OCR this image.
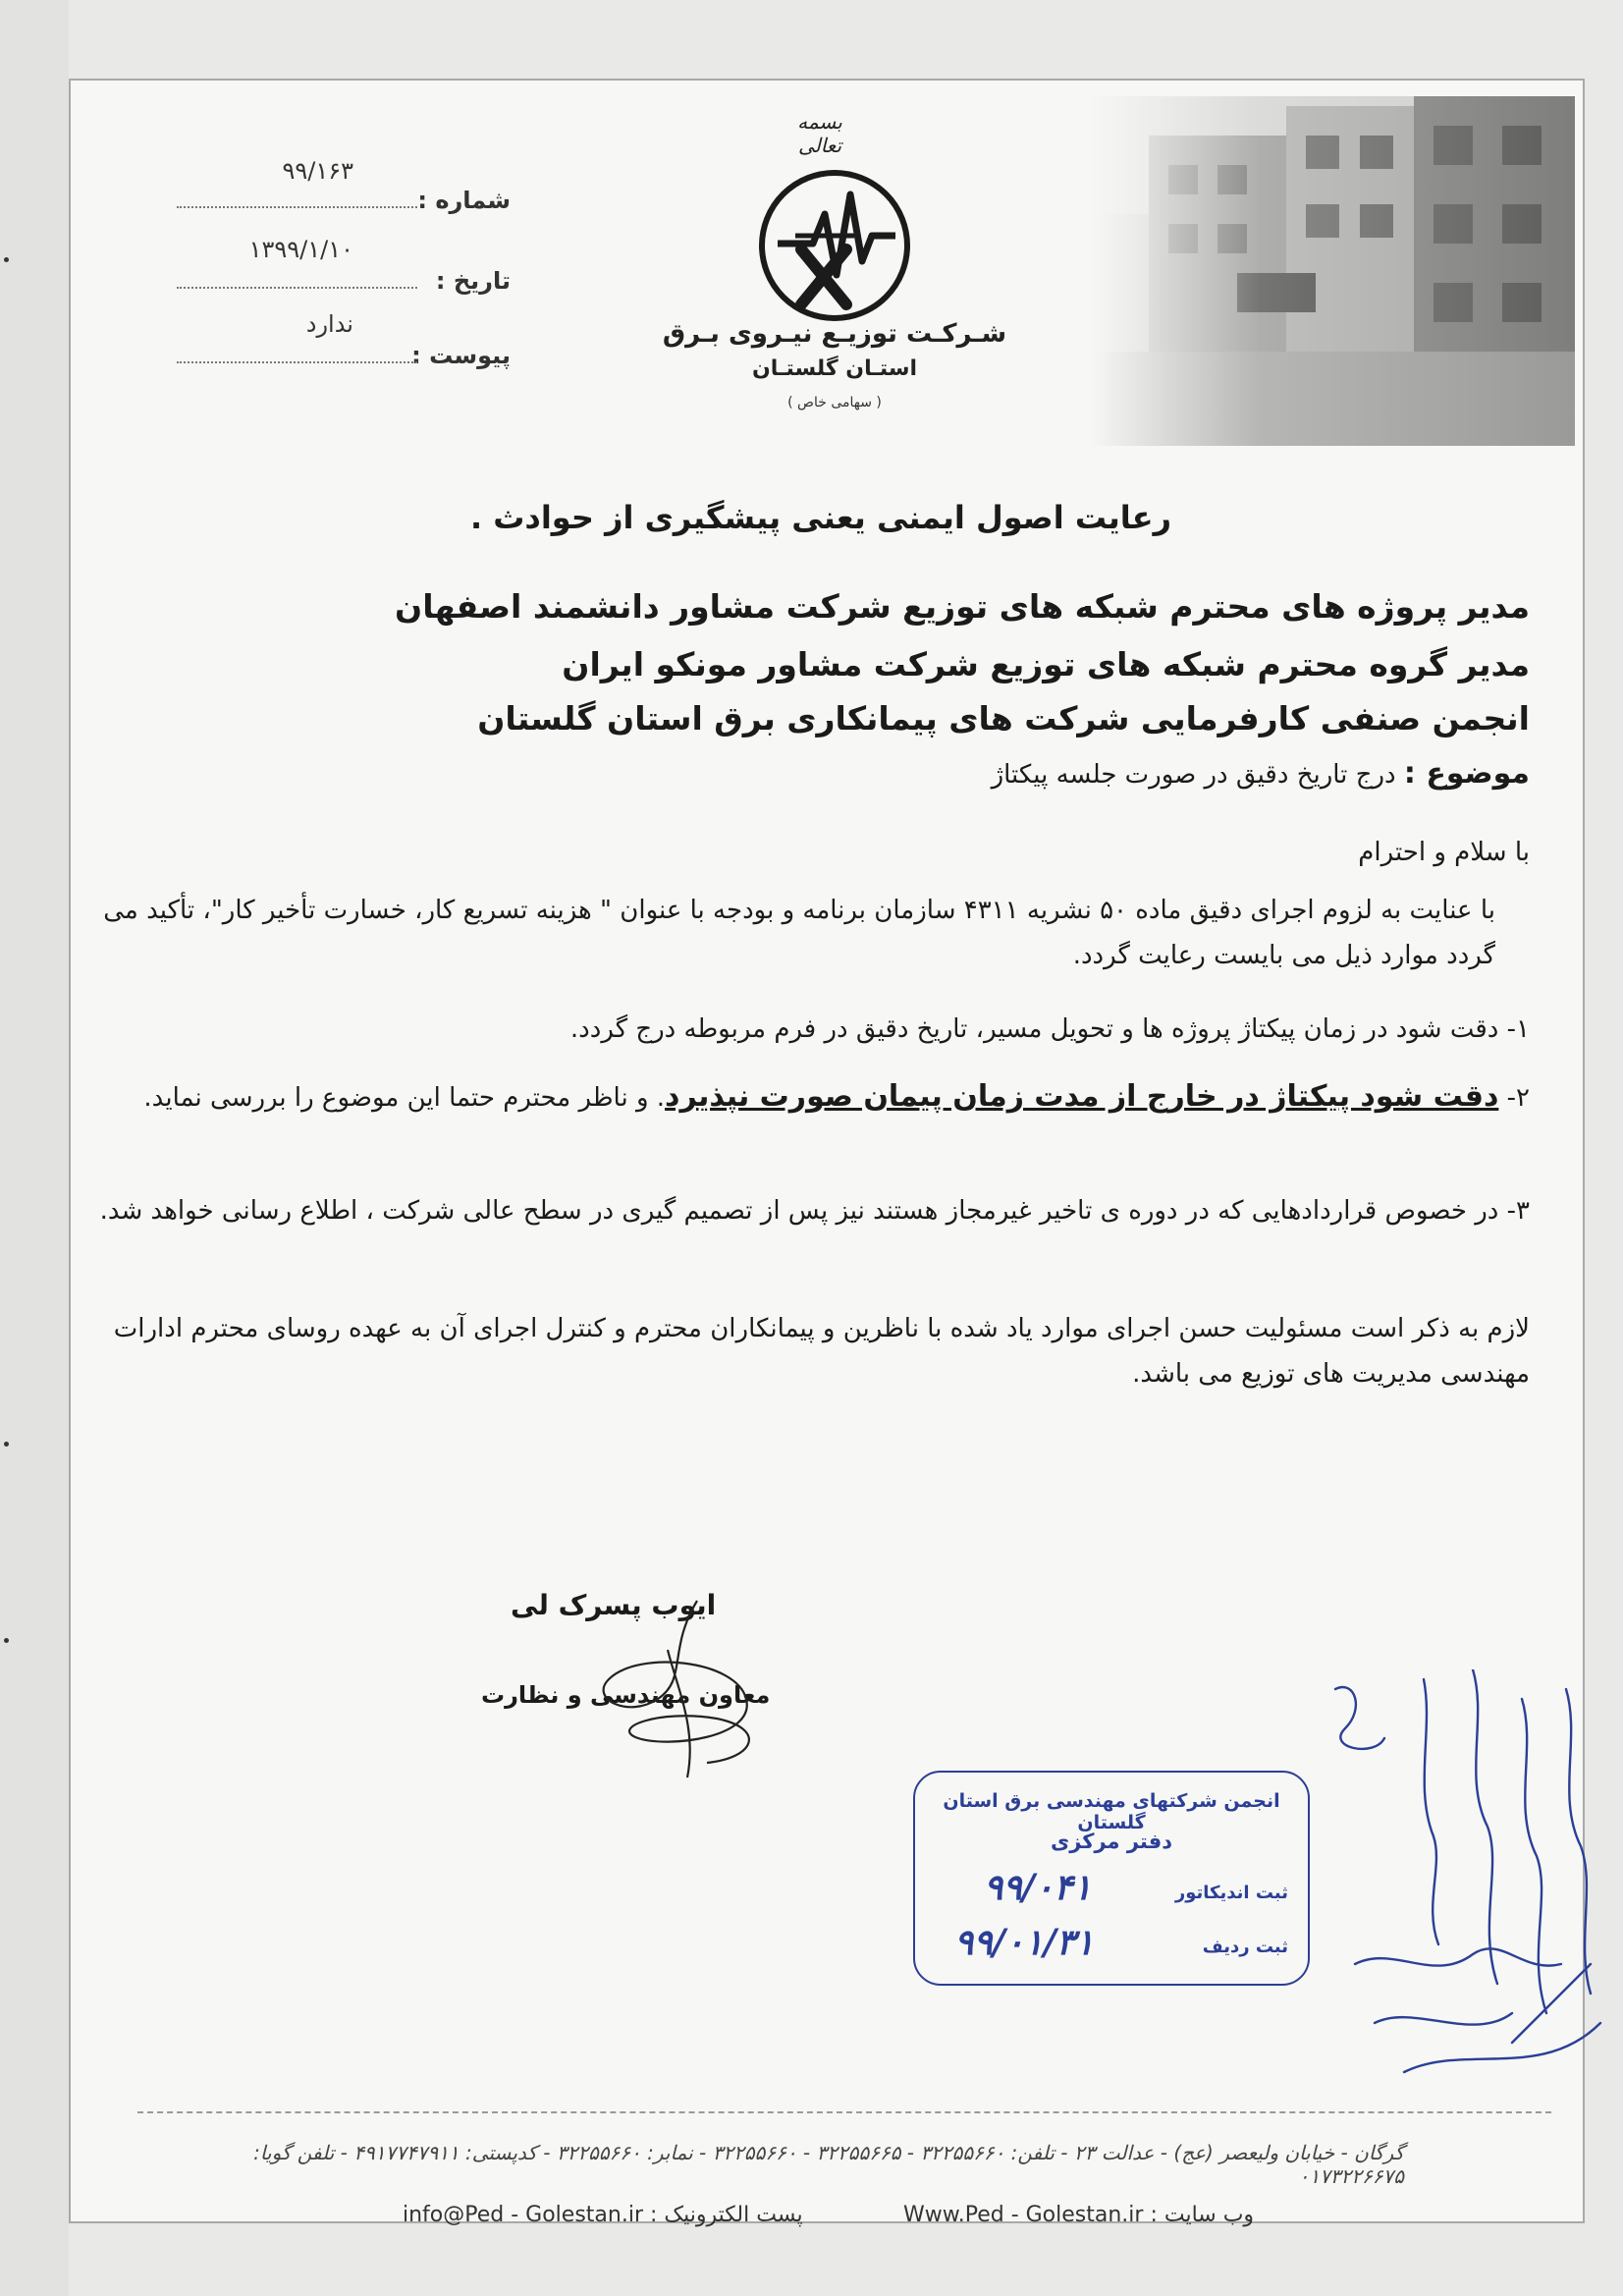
شماره :
۹۹/۱۶۳
تاریخ :
۱۳۹۹/۱/۱۰
پیوست :
ندارد
بسمه تعالی
شـرکـت توزیـع نیـروی بـرق
استـان گلستـان
( سهامی خاص )
رعایت اصول ایمنی یعنی پیشگیری از حوادث .
مدیر پروژه های محترم شبکه های توزیع شرکت مشاور دانشمند اصفهان
مدیر گروه محترم شبکه های توزیع شرکت مشاور مونکو ایران
انجمن صنفی کارفرمایی شرکت های پیمانکاری برق استان گلستان
موضوع : درج تاریخ دقیق در صورت جلسه پیکتاژ
با سلام و احترام
با عنایت به لزوم اجرای دقیق ماده ۵۰ نشریه ۴۳۱۱ سازمان برنامه و بودجه با عنوان " هزینه تسریع کار، خسارت تأخیر کار"، تأکید می گردد موارد ذیل می بایست رعایت گردد.
۱- دقت شود در زمان پیکتاژ پروژه ها و تحویل مسیر، تاریخ دقیق در فرم مربوطه درج گردد.
۲- دقت شود پیکتاژ در خارج از مدت زمان پیمان صورت نپذیرد. و ناظر محترم حتما این موضوع را بررسی نماید.
۳- در خصوص قراردادهایی که در دوره ی تاخیر غیرمجاز هستند نیز پس از تصمیم گیری در سطح عالی شرکت ، اطلاع رسانی خواهد شد.
لازم به ذکر است مسئولیت حسن اجرای موارد یاد شده با ناظرین و پیمانکاران محترم و کنترل اجرای آن به عهده روسای محترم ادارات مهندسی مدیریت های توزیع می باشد.
ایوب پسرک لی
معاون مهندسی و نظارت
انجمن شرکتهای مهندسی برق استان گلستان
دفتر مرکزی
ثبت اندیکاتور
۹۹/۰۴۱
ثبت ردیف
۹۹/۰۱/۳۱
گرگان - خیابان ولیعصر (عج) - عدالت ۲۳ - تلفن: ۳۲۲۵۵۶۶۰ - ۳۲۲۵۵۶۶۵ - ۳۲۲۵۵۶۶۰ - نمابر: ۳۲۲۵۵۶۶۰ - کدپستی: ۴۹۱۷۷۴۷۹۱۱ - تلفن گویا: ۰۱۷۳۲۲۶۶۷۵
وب سایت : Www.Ped - Golestan.ir
پست الکترونیک : info@Ped - Golestan.ir
